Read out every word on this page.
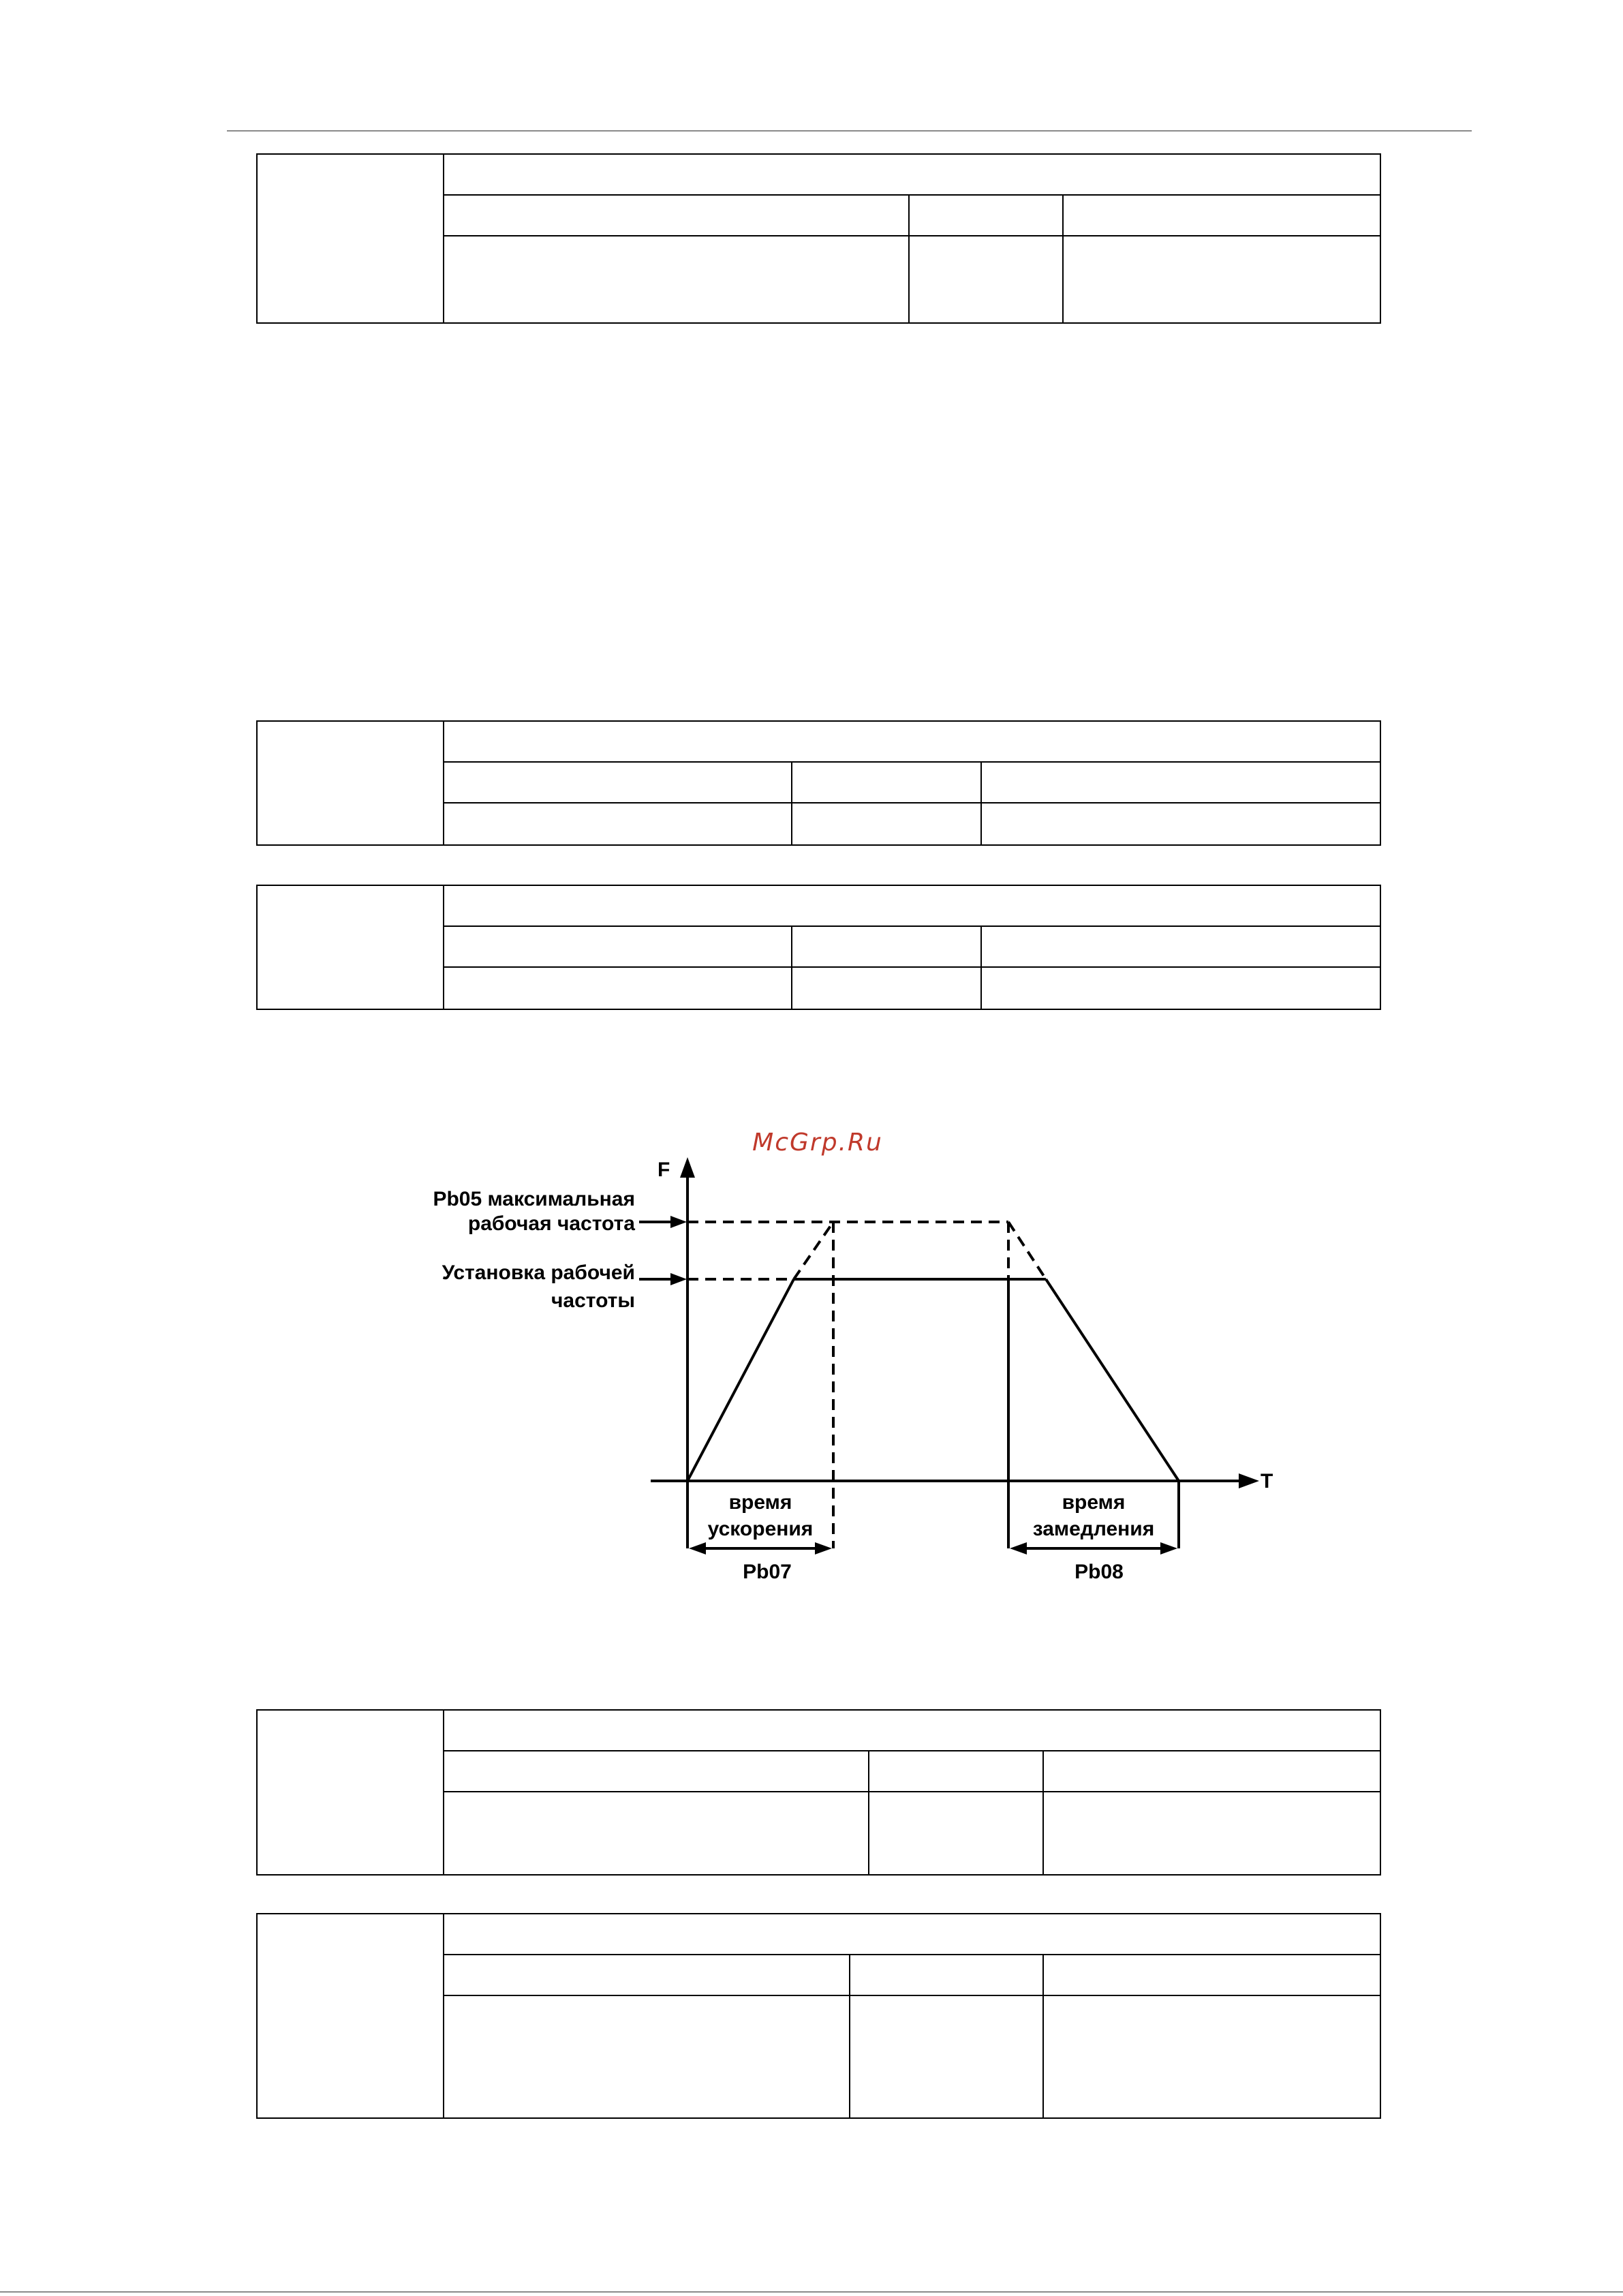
McGrp.Ru
F
T
Pb05 максимальная
рабочая частота
Установка рабочей
частоты
время
ускорения
Pb07
время
замедления
Pb08
